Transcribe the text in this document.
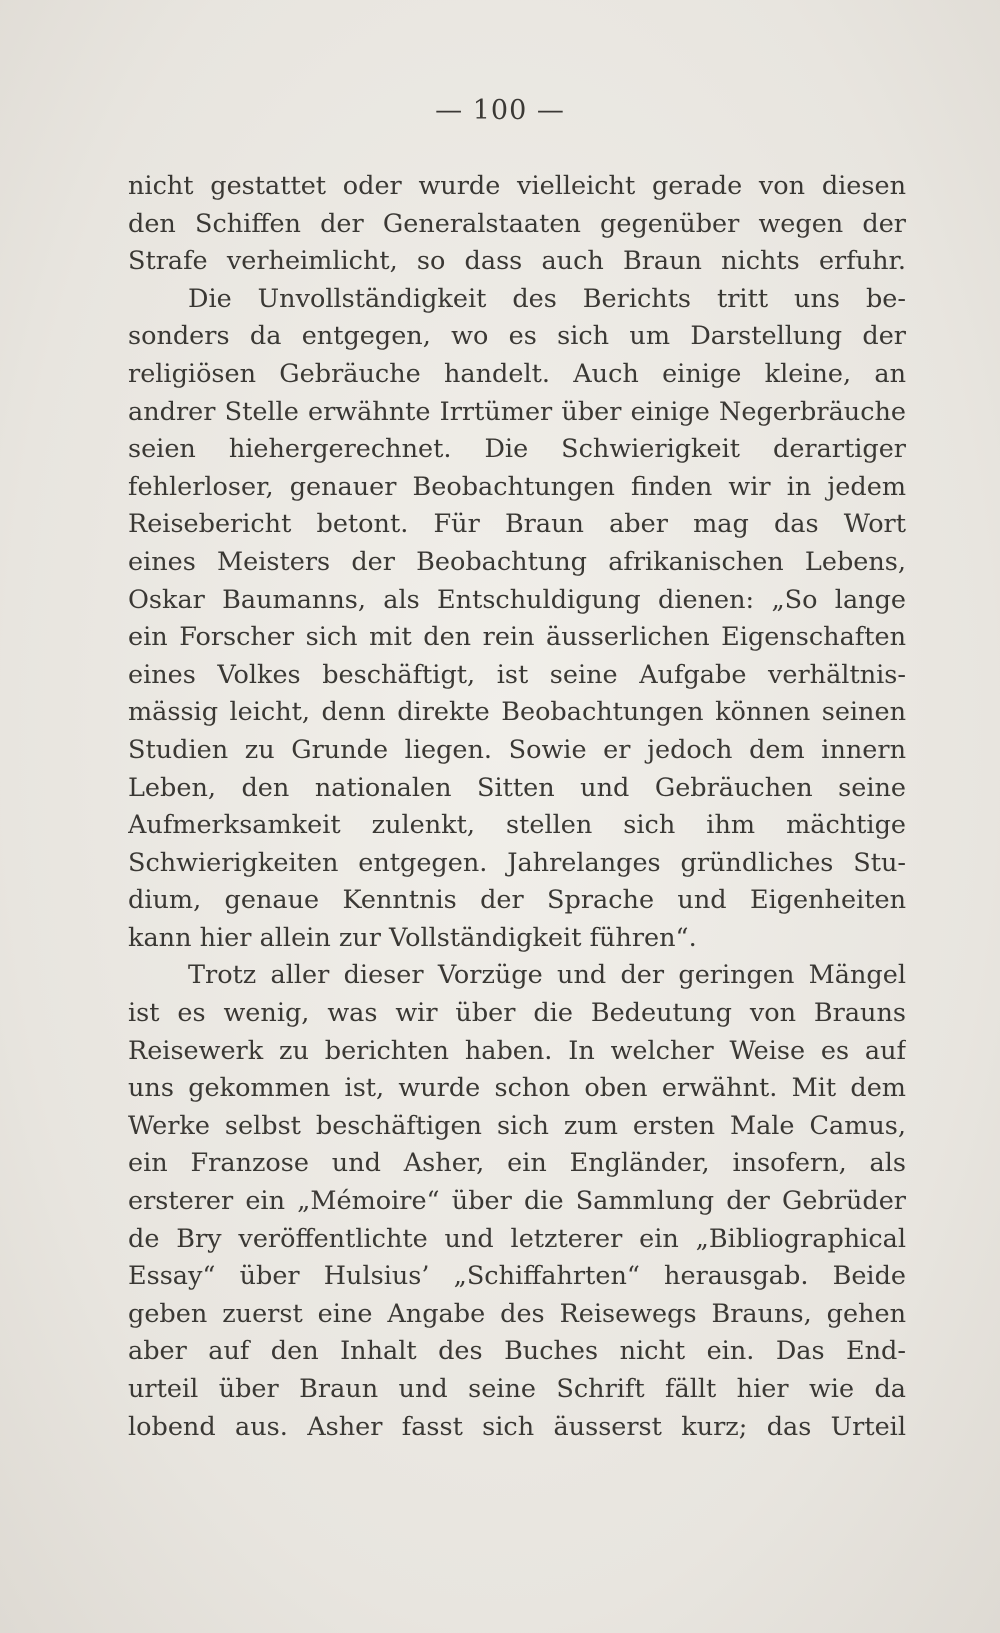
— 100 —
nicht gestattet oder wurde vielleicht gerade von diesen
den Schiffen der Generalstaaten gegenüber wegen der
Strafe verheimlicht, so dass auch Braun nichts erfuhr.
Die Unvollständigkeit des Berichts tritt uns be-
sonders da entgegen, wo es sich um Darstellung der
religiösen Gebräuche handelt. Auch einige kleine, an
andrer Stelle erwähnte Irrtümer über einige Negerbräuche
seien hiehergerechnet. Die Schwierigkeit derartiger
fehlerloser, genauer Beobachtungen finden wir in jedem
Reisebericht betont. Für Braun aber mag das Wort
eines Meisters der Beobachtung afrikanischen Lebens,
Oskar Baumanns, als Entschuldigung dienen: „So lange
ein Forscher sich mit den rein äusserlichen Eigenschaften
eines Volkes beschäftigt, ist seine Aufgabe verhältnis-
mässig leicht, denn direkte Beobachtungen können seinen
Studien zu Grunde liegen. Sowie er jedoch dem innern
Leben, den nationalen Sitten und Gebräuchen seine
Aufmerksamkeit zulenkt, stellen sich ihm mächtige
Schwierigkeiten entgegen. Jahrelanges gründliches Stu-
dium, genaue Kenntnis der Sprache und Eigenheiten
kann hier allein zur Vollständigkeit führen“.
Trotz aller dieser Vorzüge und der geringen Mängel
ist es wenig, was wir über die Bedeutung von Brauns
Reisewerk zu berichten haben. In welcher Weise es auf
uns gekommen ist, wurde schon oben erwähnt. Mit dem
Werke selbst beschäftigen sich zum ersten Male Camus,
ein Franzose und Asher, ein Engländer, insofern, als
ersterer ein „Mémoire“ über die Sammlung der Gebrüder
de Bry veröffentlichte und letzterer ein „Bibliographical
Essay“ über Hulsius’ „Schiffahrten“ herausgab. Beide
geben zuerst eine Angabe des Reisewegs Brauns, gehen
aber auf den Inhalt des Buches nicht ein. Das End-
urteil über Braun und seine Schrift fällt hier wie da
lobend aus. Asher fasst sich äusserst kurz; das Urteil
